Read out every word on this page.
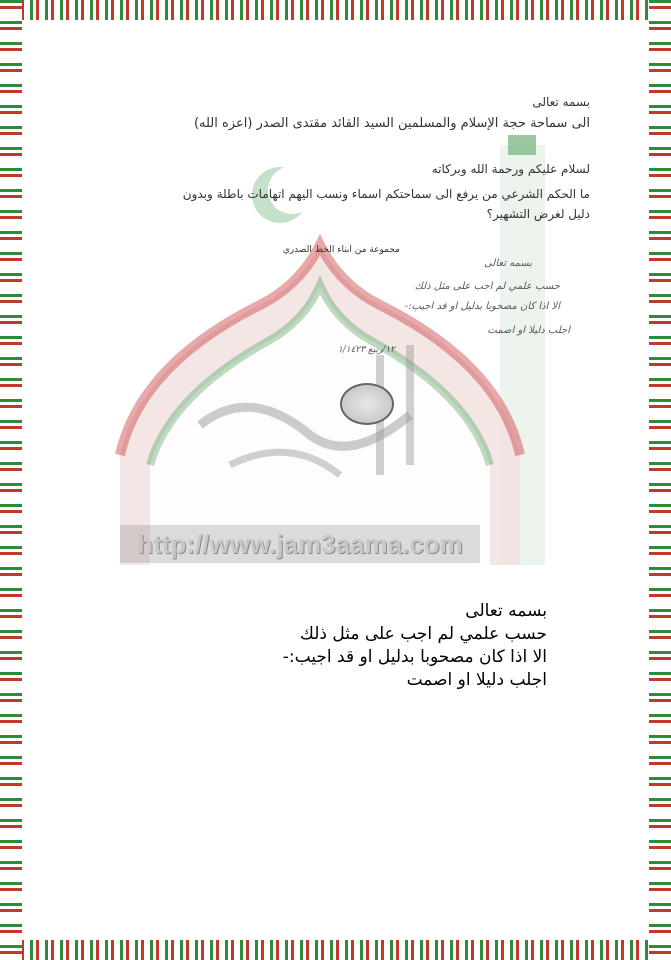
بسمه تعالى
الى سماحة حجة الإسلام والمسلمين السيد القائد مقتدى الصدر (اعزه الله)
لسلام عليكم ورحمة الله وبركاته
ما الحكم الشرعي من يرفع الى سماحتكم اسماء ونسب اليهم اتهامات باطلة وبدون
دليل لغرض التشهير؟
مجموعة من ابناء الخط الصدري
بسمه تعالى
حسب علمي لم اجب على مثل ذلك
الا اذا كان مصحوبا بدليل او قد اجيب:-
اجلب دليلا او اصمت
١٢/ربيع ١/١٤٢٣
http://www.jam3aama.com
بسمه تعالى
حسب علمي لم اجب على مثل ذلك
الا اذا كان مصحوبا بدليل او قد اجيب:-
اجلب دليلا او اصمت
